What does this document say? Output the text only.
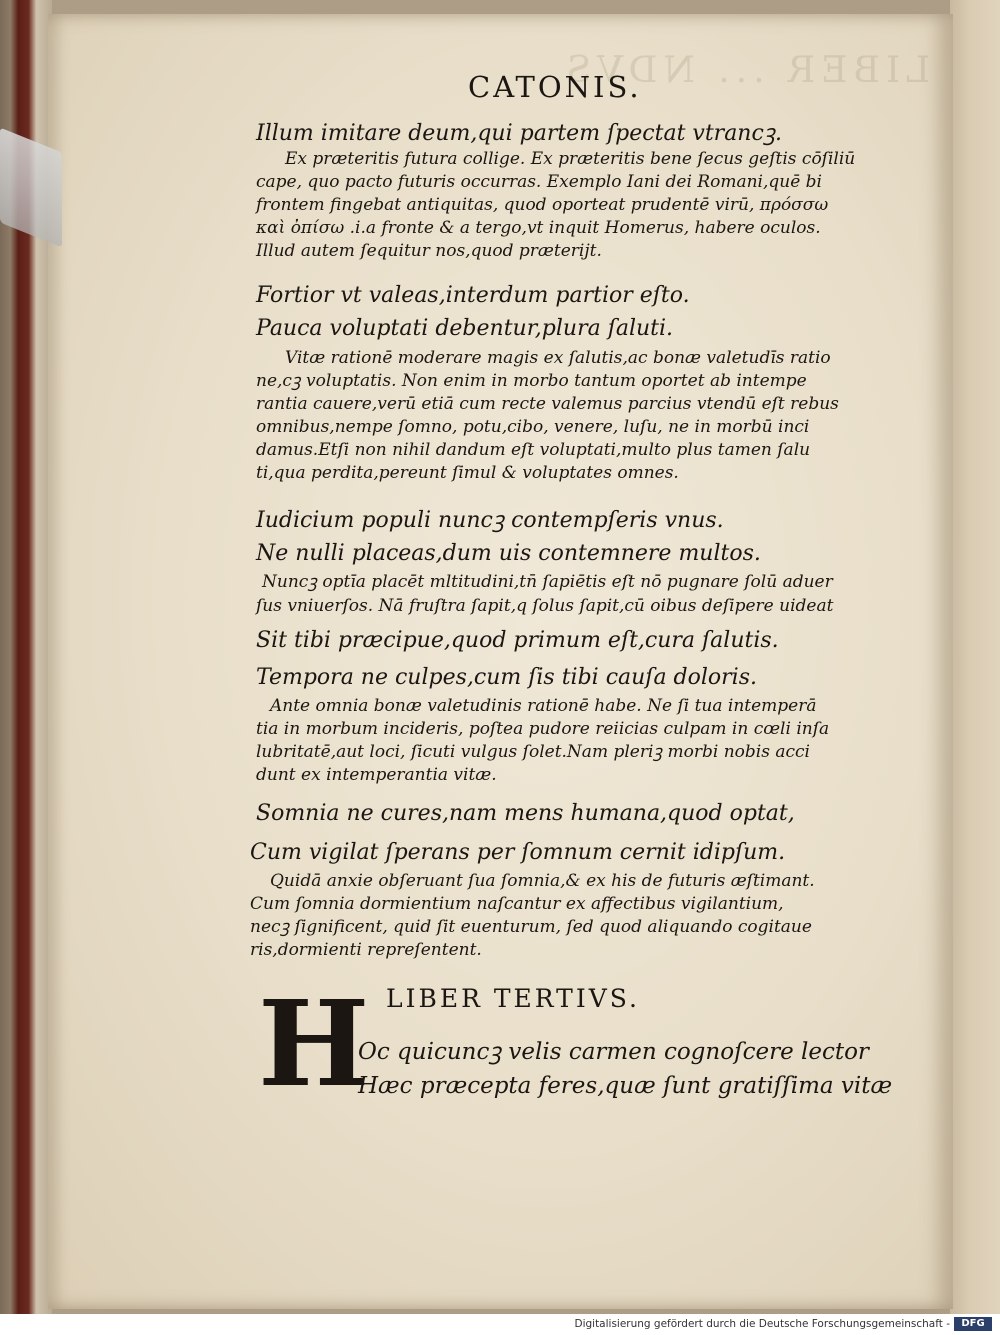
LIBER ... NDVS
CATONIS.
Illum imitare deum,qui partem ſpectat vtrancꝫ.
Ex præteritis futura collige. Ex præteritis bene ſecus geſtis cōſiliū
cape, quo pacto futuris occurras. Exemplo Iani dei Romani,quē bi
frontem fingebat antiquitas, quod oporteat prudentē virū, πρόσσω
καὶ ὀπίσω .i.a fronte & a tergo,vt inquit Homerus, habere oculos.
Illud autem ſequitur nos,quod præterijt.
Fortior vt valeas,interdum partior eſto.
Pauca voluptati debentur,plura ſaluti.
Vitæ rationē moderare magis ex ſalutis,ac bonæ valetudīs ratio
ne,cꝫ voluptatis. Non enim in morbo tantum oportet ab intempe
rantia cauere,verū etiā cum recte valemus parcius vtendū eſt rebus
omnibus,nempe ſomno, potu,cibo, venere, luſu, ne in morbū inci
damus.Etſi non nihil dandum eſt voluptati,multo plus tamen ſalu
ti,qua perdita,pereunt ſimul & voluptates omnes.
Iudicium populi nuncꝫ contempſeris vnus.
Ne nulli placeas,dum uis contemnere multos.
Nuncꝫ optīa placēt mltitudini,tn̄ ſapiētis eſt nō pugnare ſolū aduer
ſus vniuerſos. Nā fruſtra ſapit,q ſolus ſapit,cū oibus deſipere uideat
Sit tibi præcipue,quod primum eſt,cura ſalutis.
Tempora ne culpes,cum ſis tibi cauſa doloris.
Ante omnia bonæ valetudinis rationē habe. Ne ſi tua intemperā
tia in morbum incideris, poſtea pudore reiicias culpam in cœli inſa
lubritatē,aut loci, ſicuti vulgus ſolet.Nam pleriꝫ morbi nobis acci
dunt ex intemperantia vitæ.
Somnia ne cures,nam mens humana,quod optat,
Cum vigilat ſperans per ſomnum cernit idipſum.
Quidā anxie obſeruant ſua ſomnia,& ex his de futuris æſtimant.
Cum ſomnia dormientium naſcantur ex affectibus vigilantium,
necꝫ ſignificent, quid ſit euenturum, ſed quod aliquando cogitaue
ris,dormienti repreſentent.
LIBER TERTIVS.
H
Oc quicuncꝫ velis carmen cognoſcere lector
Hæc præcepta feres,quæ ſunt gratiſſima vitæ
Digitalisierung gefördert durch die Deutsche Forschungsgemeinschaft -	DFG
